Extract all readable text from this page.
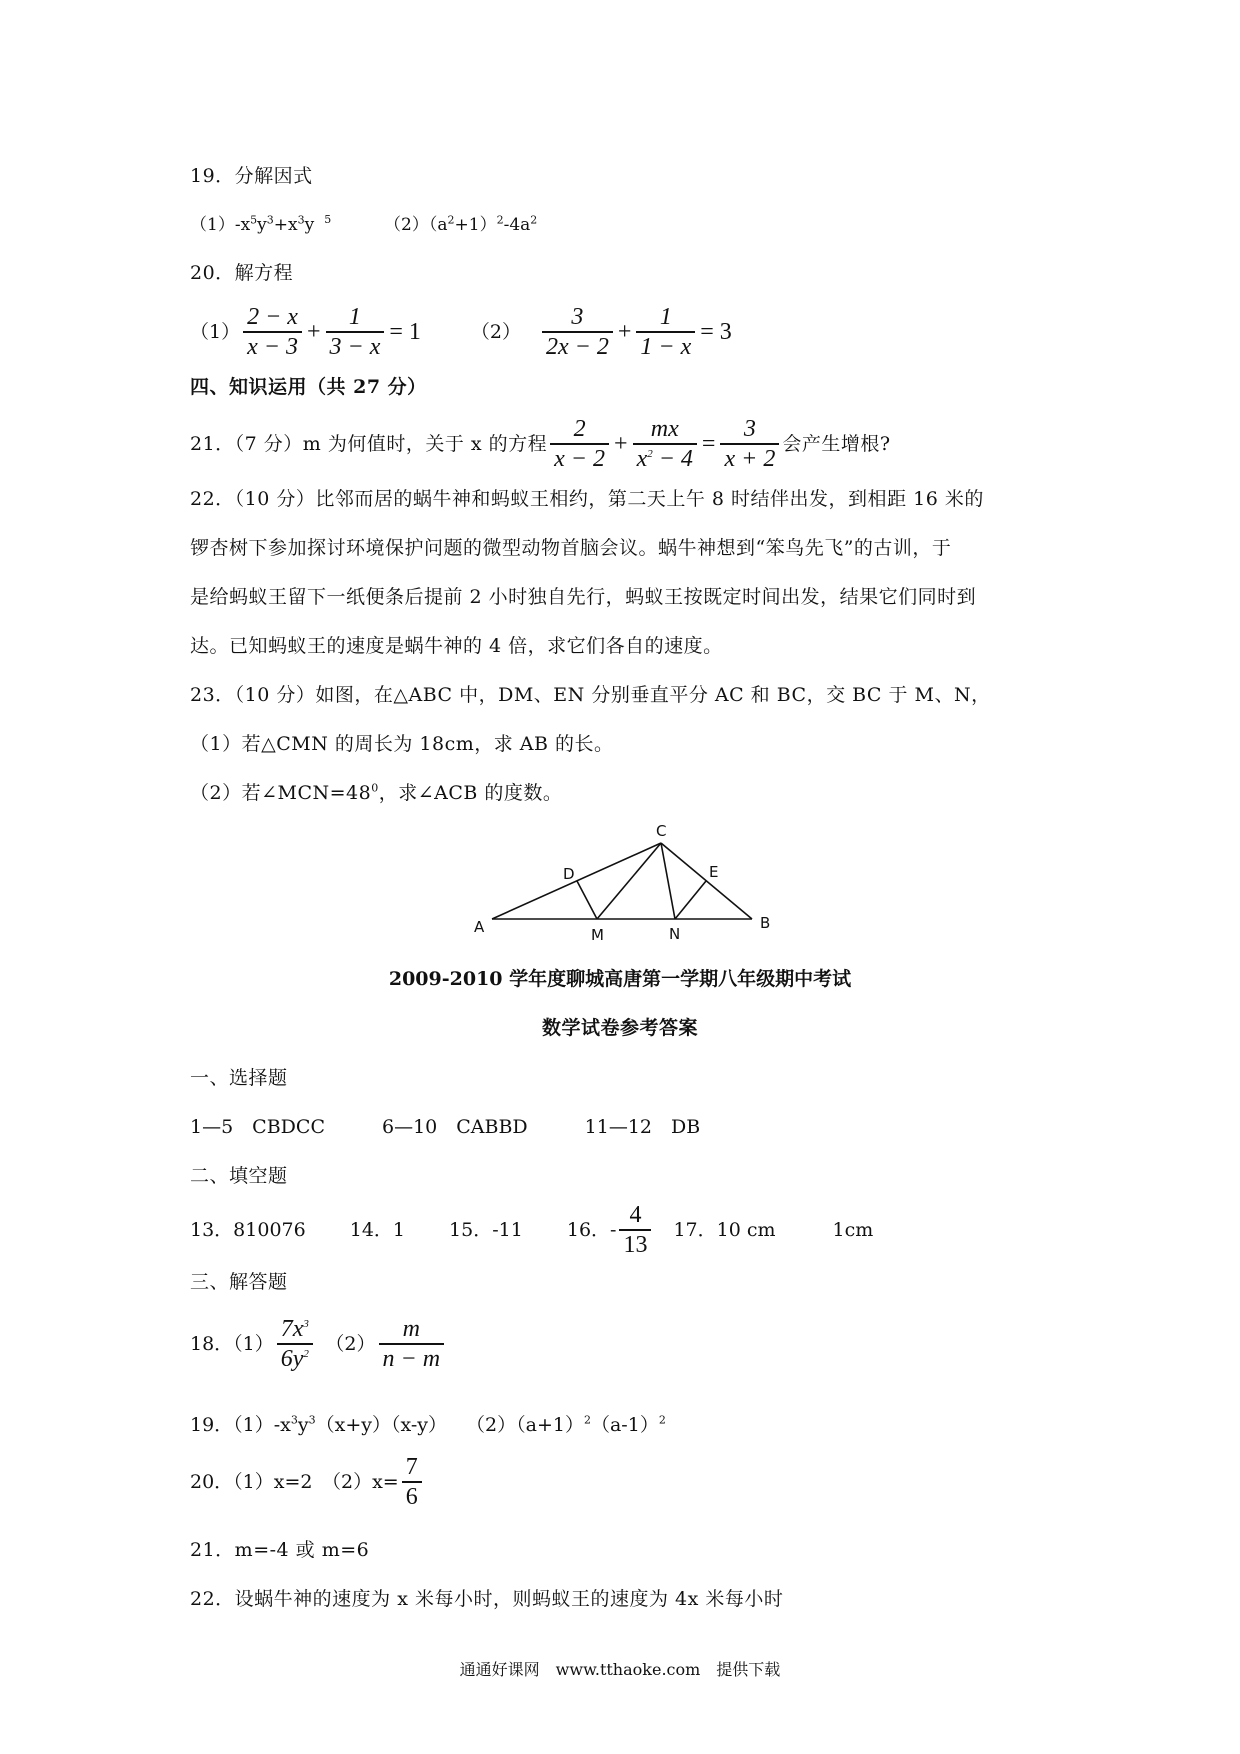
19．分解因式
$(1)-x^5y^3+x^3y$ $^5$	$(2)(a^2+1)^2-4a^2$
20．解方程
$(1) \frac{2 - x}{x - 3} + \frac{1}{3 - x} = 1$	$(2) \frac{3}{2x - 2} + \frac{1}{1 - x} = 3$
四、知识运用（共 27 分）
21．（7 分）m 为何值时，关于 x 的方程 $\frac{2}{x - 2} + \frac{mx}{x^2 - 4} = \frac{3}{x + 2}$ 会产生增根?
22．（10 分）比邻而居的蜗牛神和蚂蚁王相约，第二天上午 8 时结伴出发，到相距 16 米的
锣杏树下参加探讨环境保护问题的微型动物首脑会议。蜗牛神想到“笨鸟先飞”的古训，于
是给蚂蚁王留下一纸便条后提前 2 小时独自先行，蚂蚁王按既定时间出发，结果它们同时到
达。已知蚂蚁王的速度是蜗牛神的 4 倍，求它们各自的速度。
23．（10 分）如图，在△ABC 中，DM、EN 分别垂直平分 AC 和 BC，交 BC 于 M、N，
（1）若△CMN 的周长为 18cm，求 AB 的长。
（2）若$\angle MCN=48^0$，求∠ACB 的度数。
A	B
C
D	E
M	N
2009-2010 学年度聊城高唐第一学期八年级期中考试
数学试卷参考答案
一、选择题
1—5　CBDCC　　　6—10　CABBD　　　11—12　DB
二、填空题
13．810076　　 14．1　　 15．-11　　 16．- $\frac{4}{13}$ 　17．10 cm　　　1cm
三、解答题
18．$(1) \frac{7x^3}{6y^2}$ 　$(2) \frac{m}{n - m}$
19．$(1)-x^3y^3(x+y)(x-y)$　　$(2)(a+1)^2(a-1)^2$
20．（1）x=2　$(2)x= \frac{7}{6}$
21．m=-4 或 m=6
22．设蜗牛神的速度为 x 米每小时，则蚂蚁王的速度为 4x 米每小时
通通好课网　www.tthaoke.com　提供下载
